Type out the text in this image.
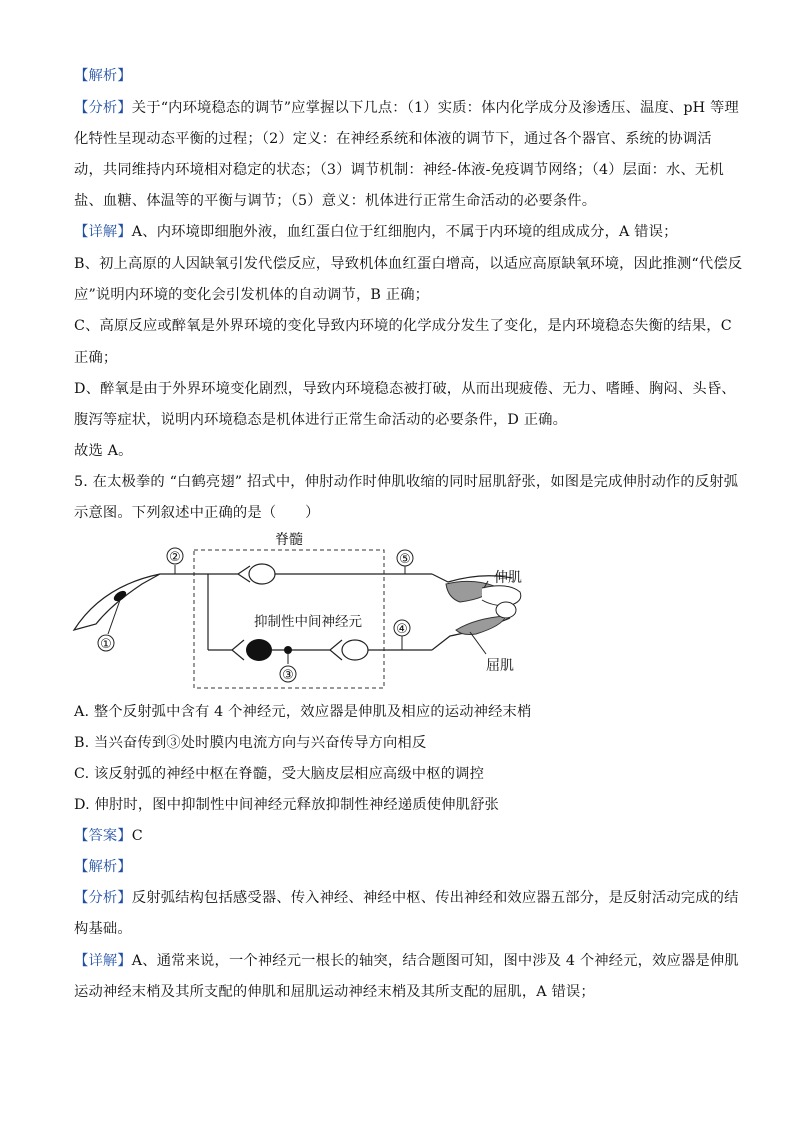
【解析】
【分析】关于“内环境稳态的调节”应掌握以下几点：（1）实质：体内化学成分及渗透压、温度、pH 等理
化特性呈现动态平衡的过程；（2）定义：在神经系统和体液的调节下，通过各个器官、系统的协调活
动，共同维持内环境相对稳定的状态；（3）调节机制：神经-体液-免疫调节网络；（4）层面：水、无机
盐、血糖、体温等的平衡与调节；（5）意义：机体进行正常生命活动的必要条件。
【详解】A、内环境即细胞外液，血红蛋白位于红细胞内，不属于内环境的组成成分，A 错误；
B、初上高原的人因缺氧引发代偿反应，导致机体血红蛋白增高，以适应高原缺氧环境，因此推测“代偿反
应”说明内环境的变化会引发机体的自动调节，B 正确；
C、高原反应或醉氧是外界环境的变化导致内环境的化学成分发生了变化，是内环境稳态失衡的结果，C
正确；
D、醉氧是由于外界环境变化剧烈，导致内环境稳态被打破，从而出现疲倦、无力、嗜睡、胸闷、头昏、
腹泻等症状，说明内环境稳态是机体进行正常生命活动的必要条件，D 正确。
故选 A。
5. 在太极拳的 “白鹤亮翅” 招式中，伸肘动作时伸肌收缩的同时屈肌舒张，如图是完成伸肘动作的反射弧
示意图。下列叙述中正确的是（　　）
脊髓
①
②	⑤
③
抑制性中间神经元	④
伸肌
屈肌
A. 整个反射弧中含有 4 个神经元，效应器是伸肌及相应的运动神经末梢
B. 当兴奋传到③处时膜内电流方向与兴奋传导方向相反
C. 该反射弧的神经中枢在脊髓，受大脑皮层相应高级中枢的调控
D. 伸肘时，图中抑制性中间神经元释放抑制性神经递质使伸肌舒张
【答案】C
【解析】
【分析】反射弧结构包括感受器、传入神经、神经中枢、传出神经和效应器五部分，是反射活动完成的结
构基础。
【详解】A、通常来说，一个神经元一根长的轴突，结合题图可知，图中涉及 4 个神经元，效应器是伸肌
运动神经末梢及其所支配的伸肌和屈肌运动神经末梢及其所支配的屈肌，A 错误；
